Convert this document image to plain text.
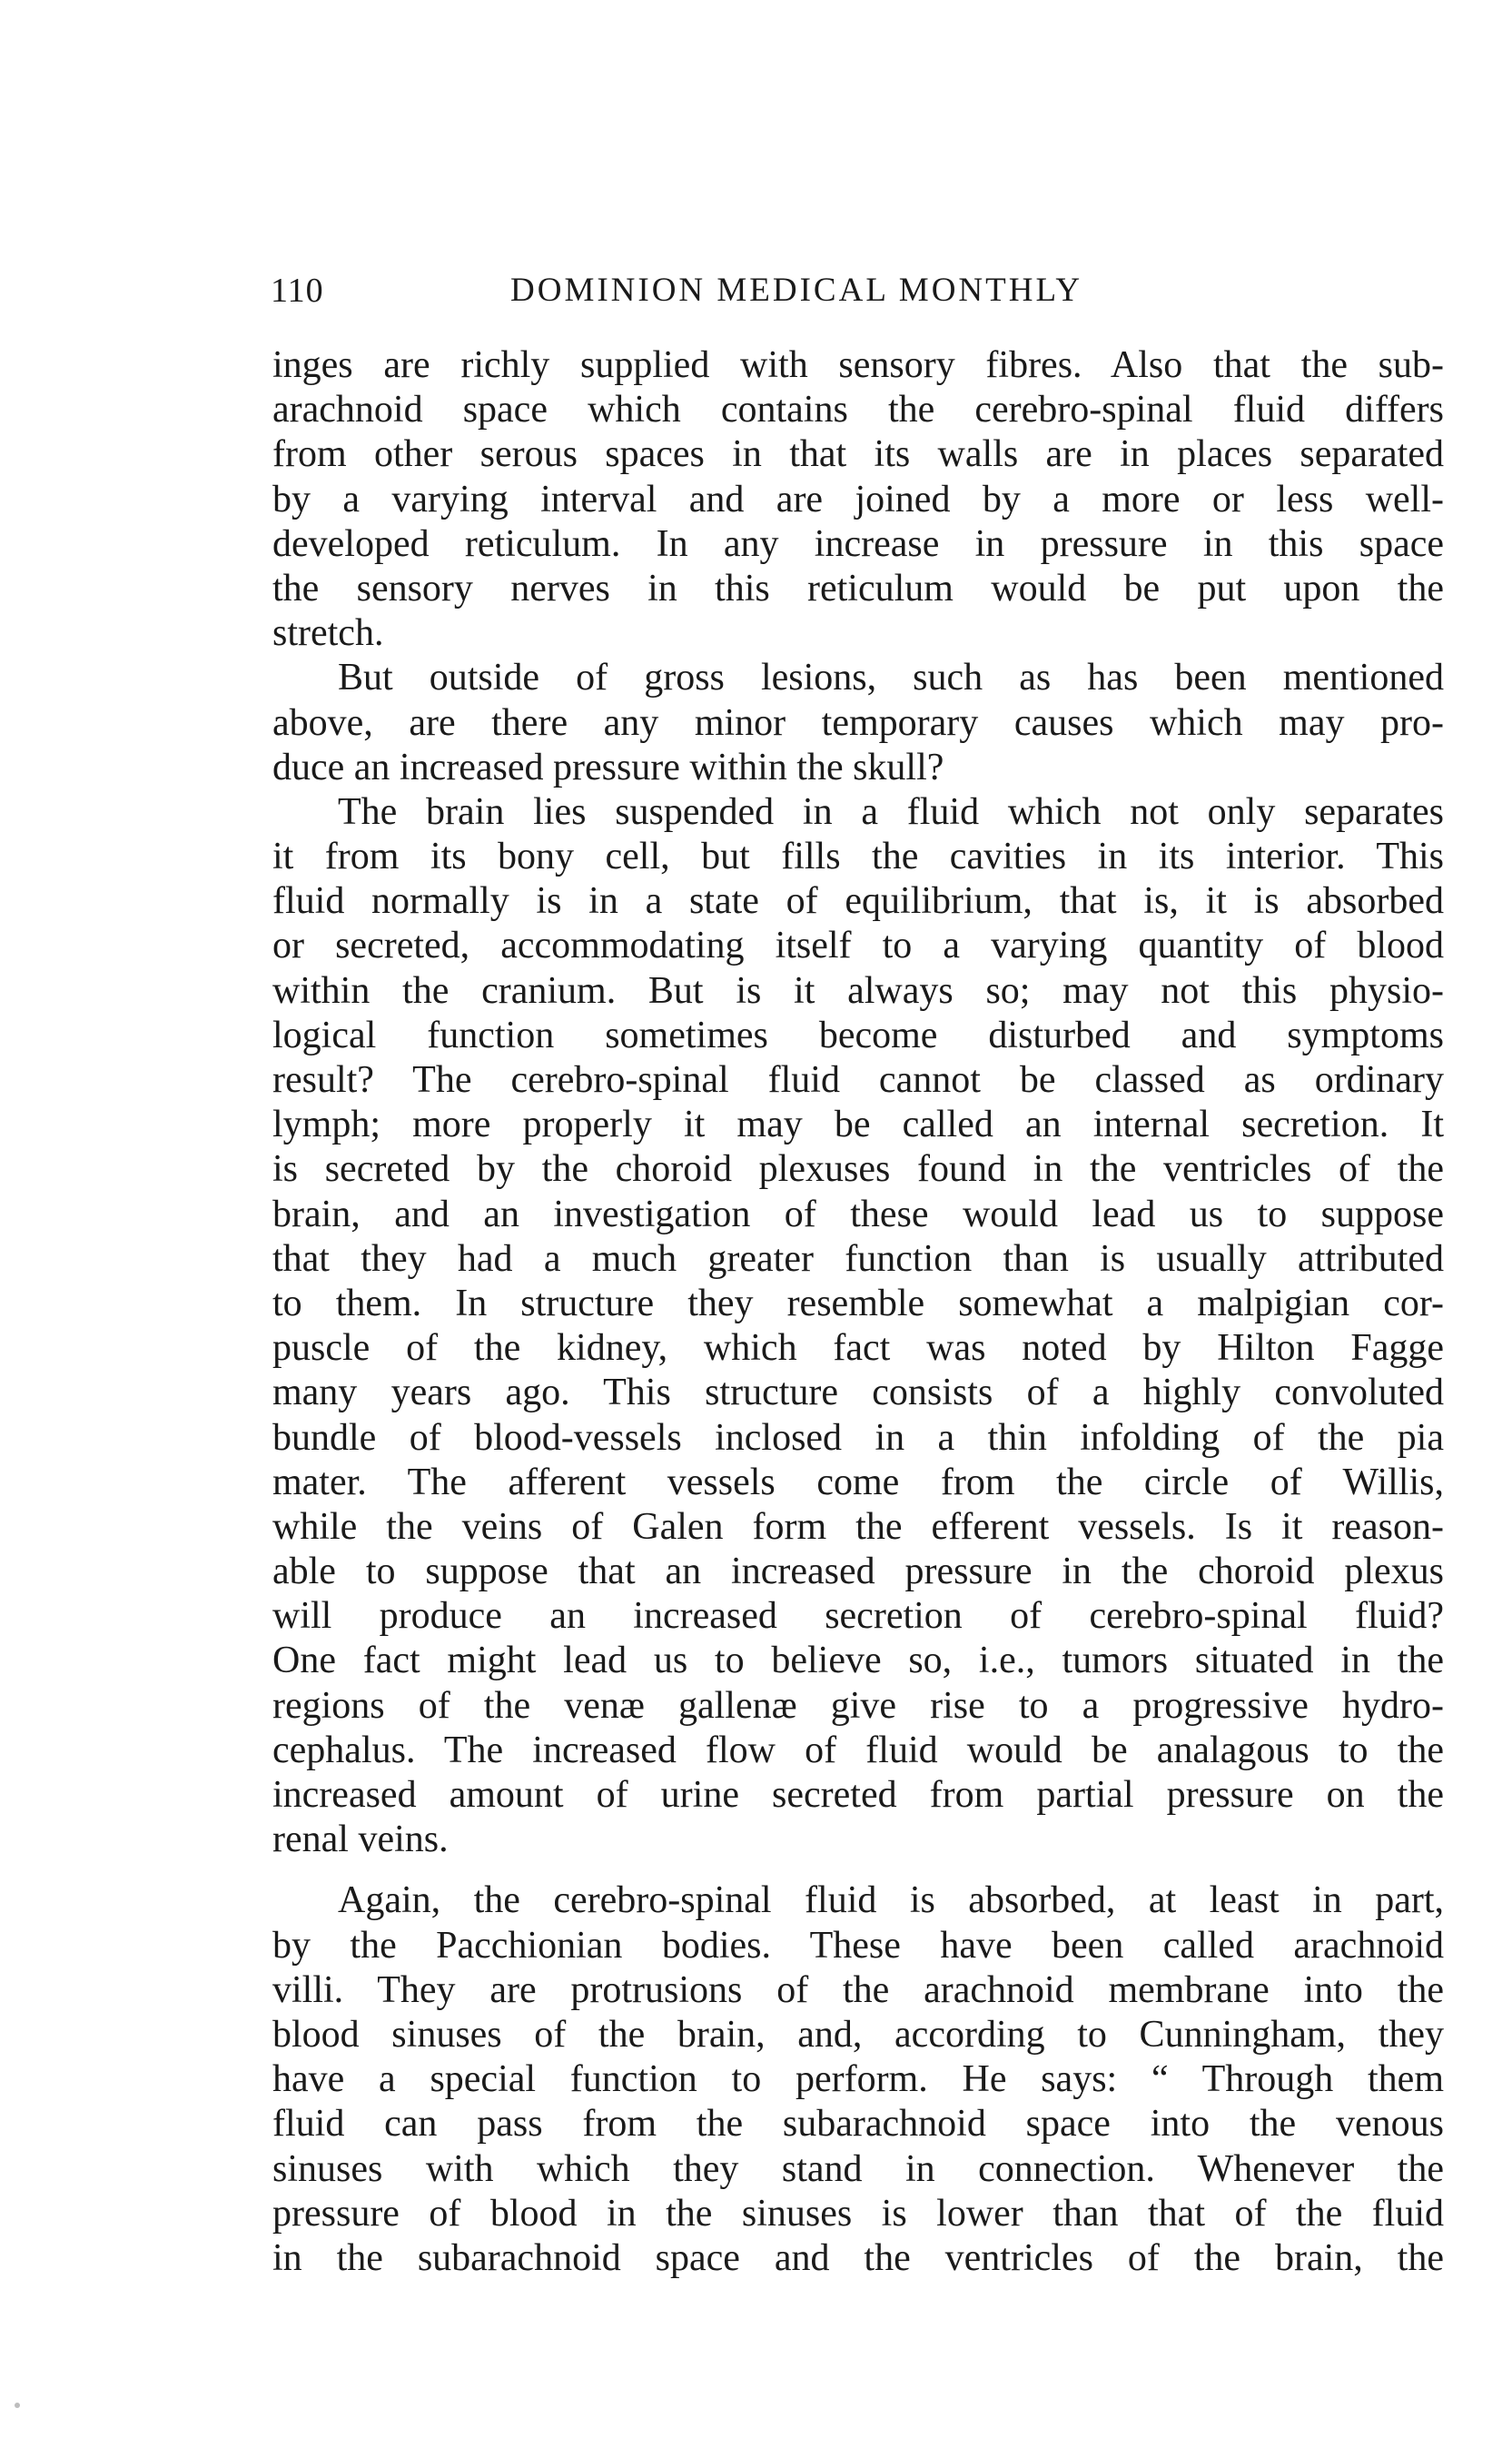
110	DOMINION MEDICAL MONTHLY
inges are richly supplied with sensory fibres. Also that the sub-
arachnoid space which contains the cerebro-spinal fluid differs
from other serous spaces in that its walls are in places separated
by a varying interval and are joined by a more or less well-
developed reticulum. In any increase in pressure in this space
the sensory nerves in this reticulum would be put upon the
stretch.
But outside of gross lesions, such as has been mentioned
above, are there any minor temporary causes which may pro-
duce an increased pressure within the skull?
The brain lies suspended in a fluid which not only separates
it from its bony cell, but fills the cavities in its interior. This
fluid normally is in a state of equilibrium, that is, it is absorbed
or secreted, accommodating itself to a varying quantity of blood
within the cranium. But is it always so; may not this physio-
logical function sometimes become disturbed and symptoms
result? The cerebro-spinal fluid cannot be classed as ordinary
lymph; more properly it may be called an internal secretion. It
is secreted by the choroid plexuses found in the ventricles of the
brain, and an investigation of these would lead us to suppose
that they had a much greater function than is usually attributed
to them. In structure they resemble somewhat a malpigian cor-
puscle of the kidney, which fact was noted by Hilton Fagge
many years ago. This structure consists of a highly convoluted
bundle of blood-vessels inclosed in a thin infolding of the pia
mater. The afferent vessels come from the circle of Willis,
while the veins of Galen form the efferent vessels. Is it reason-
able to suppose that an increased pressure in the choroid plexus
will produce an increased secretion of cerebro-spinal fluid?
One fact might lead us to believe so, i.e., tumors situated in the
regions of the venæ gallenæ give rise to a progressive hydro-
cephalus. The increased flow of fluid would be analagous to the
increased amount of urine secreted from partial pressure on the
renal veins.
Again, the cerebro-spinal fluid is absorbed, at least in part,
by the Pacchionian bodies. These have been called arachnoid
villi. They are protrusions of the arachnoid membrane into the
blood sinuses of the brain, and, according to Cunningham, they
have a special function to perform. He says: “ Through them
fluid can pass from the subarachnoid space into the venous
sinuses with which they stand in connection. Whenever the
pressure of blood in the sinuses is lower than that of the fluid
in the subarachnoid space and the ventricles of the brain, the
